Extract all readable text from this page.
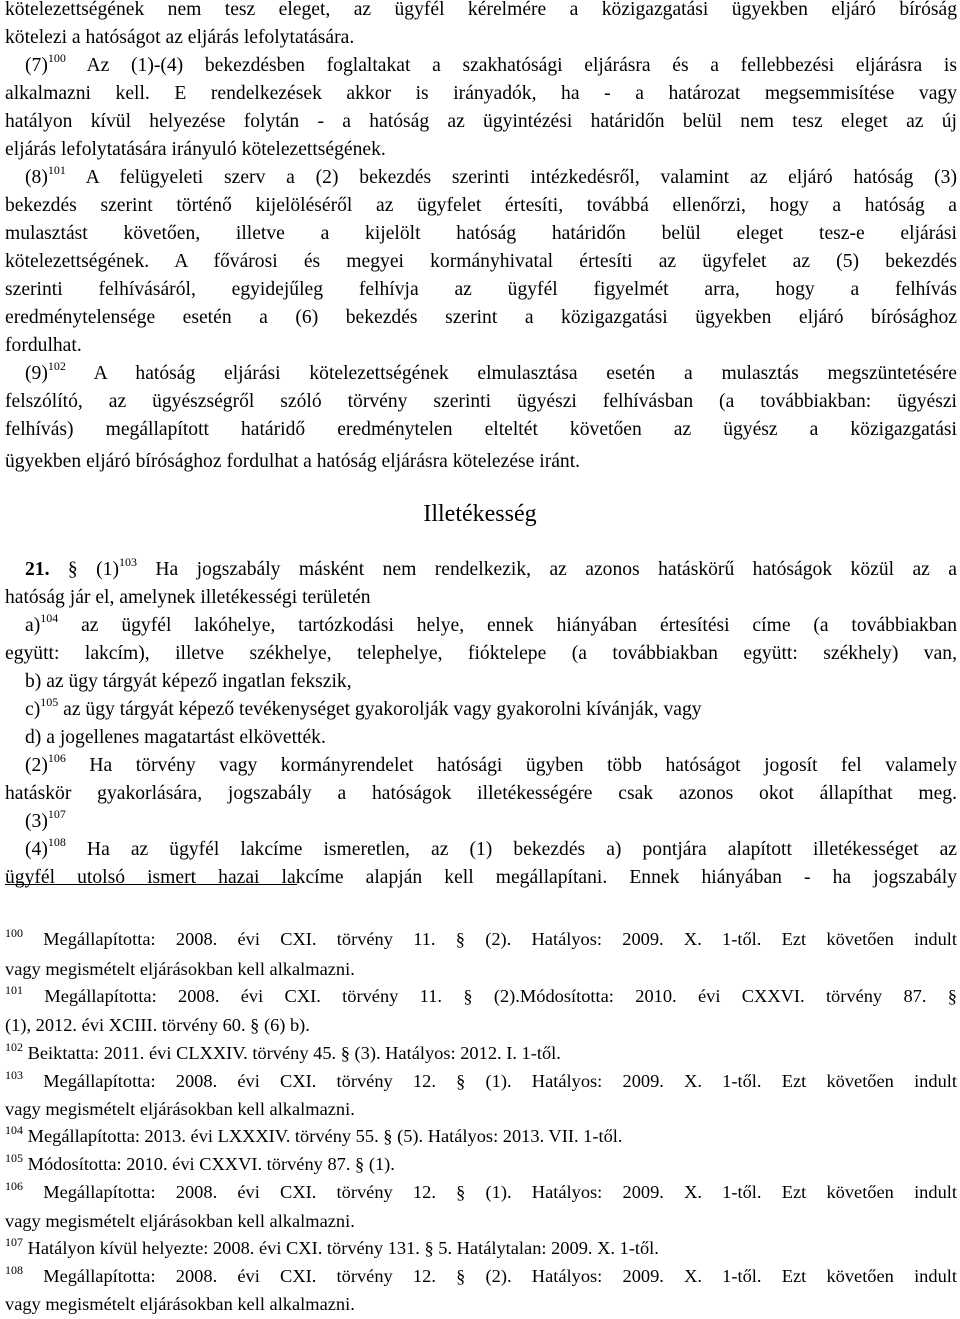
kötelezettségének nem tesz eleget, az ügyfél kérelmére a közigazgatási ügyekben eljáró bíróság
kötelezi a hatóságot az eljárás lefolytatására.
$(7)^{100}$ Az (1)-(4) bekezdésben foglaltakat a szakhatósági eljárásra és a fellebbezési eljárásra is
alkalmazni kell. E rendelkezések akkor is irányadók, ha - a határozat megsemmisítése vagy
hatályon kívül helyezése folytán - a hatóság az ügyintézési határidőn belül nem tesz eleget az új
eljárás lefolytatására irányuló kötelezettségének.
$(8)^{101}$ A felügyeleti szerv a (2) bekezdés szerinti intézkedésről, valamint az eljáró hatóság (3)
bekezdés szerint történő kijelöléséről az ügyfelet értesíti, továbbá ellenőrzi, hogy a hatóság a
mulasztást követően, illetve a kijelölt hatóság határidőn belül eleget tesz-e eljárási
kötelezettségének. A fővárosi és megyei kormányhivatal értesíti az ügyfelet az (5) bekezdés
szerinti felhívásáról, egyidejűleg felhívja az ügyfél figyelmét arra, hogy a felhívás
eredménytelensége esetén a (6) bekezdés szerint a közigazgatási ügyekben eljáró bírósághoz
fordulhat.
$(9)^{102}$ A hatóság eljárási kötelezettségének elmulasztása esetén a mulasztás megszüntetésére
felszólító, az ügyészségről szóló törvény szerinti ügyészi felhívásban (a továbbiakban: ügyészi
felhívás) megállapított határidő eredménytelen elteltét követően az ügyész a közigazgatási
ügyekben eljáró bírósághoz fordulhat a hatóság eljárásra kötelezése iránt.
Illetékesség
21. § $(1)^{103}$ Ha jogszabály másként nem rendelkezik, az azonos hatáskörű hatóságok közül az a
hatóság jár el, amelynek illetékességi területén
a)$^{104}$ az ügyfél lakóhelye, tartózkodási helye, ennek hiányában értesítési címe (a továbbiakban
együtt: lakcím), illetve székhelye, telephelye, fióktelepe (a továbbiakban együtt: székhely) van,
b) az ügy tárgyát képező ingatlan fekszik,
c)$^{105}$ az ügy tárgyát képező tevékenységet gyakorolják vagy gyakorolni kívánják, vagy
d) a jogellenes magatartást elkövették.
$(2)^{106}$ Ha törvény vagy kormányrendelet hatósági ügyben több hatóságot jogosít fel valamely
hatáskör gyakorlására, jogszabály a hatóságok illetékességére csak azonos okot állapíthat meg.
$(3)^{107}$
$(4)^{108}$ Ha az ügyfél lakcíme ismeretlen, az (1) bekezdés a) pontjára alapított illetékességet az
ügyfél utolsó ismert hazai lakcíme alapján kell megállapítani. Ennek hiányában - ha jogszabály
$^{100}$ Megállapította: 2008. évi CXI. törvény 11. § (2). Hatályos: 2009. X. 1-től. Ezt követően indult
vagy megismételt eljárásokban kell alkalmazni.
$^{101}$ Megállapította: 2008. évi CXI. törvény 11. § (2).Módosította: 2010. évi CXXVI. törvény 87. §
(1), 2012. évi XCIII. törvény 60. § (6) b).
$^{102}$ Beiktatta: 2011. évi CLXXIV. törvény 45. § (3). Hatályos: 2012. I. 1-től.
$^{103}$ Megállapította: 2008. évi CXI. törvény 12. § (1). Hatályos: 2009. X. 1-től. Ezt követően indult
vagy megismételt eljárásokban kell alkalmazni.
$^{104}$ Megállapította: 2013. évi LXXXIV. törvény 55. § (5). Hatályos: 2013. VII. 1-től.
$^{105}$ Módosította: 2010. évi CXXVI. törvény 87. § (1).
$^{106}$ Megállapította: 2008. évi CXI. törvény 12. § (1). Hatályos: 2009. X. 1-től. Ezt követően indult
vagy megismételt eljárásokban kell alkalmazni.
$^{107}$ Hatályon kívül helyezte: 2008. évi CXI. törvény 131. § 5. Hatálytalan: 2009. X. 1-től.
$^{108}$ Megállapította: 2008. évi CXI. törvény 12. § (2). Hatályos: 2009. X. 1-től. Ezt követően indult
vagy megismételt eljárásokban kell alkalmazni.
